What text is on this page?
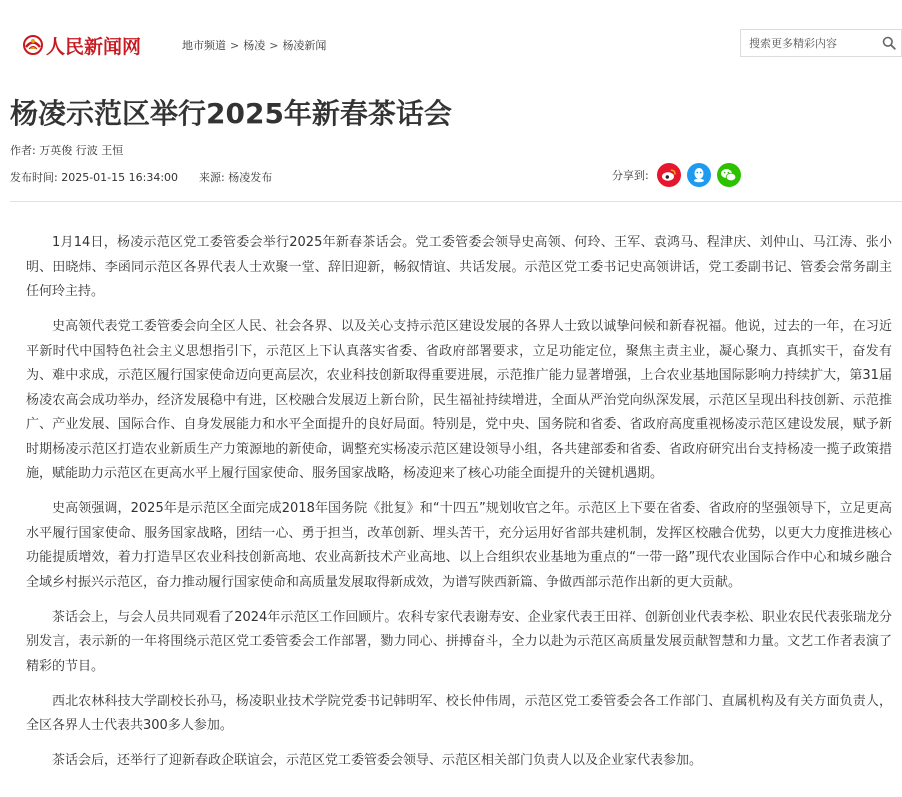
人民新闻网	地市频道 > 杨凌 > 杨凌新闻
搜索更多精彩内容
杨凌示范区举行2025年新春茶话会
作者: 万英俊 行波 王恒
发布时间: 2025-01-15 16:34:00 来源: 杨凌发布	分享到:

1月14日，杨凌示范区党工委管委会举行2025年新春茶话会。党工委管委会领导史高领、何玲、王军、袁鸿马、程津庆、刘仲山、马江涛、张小明、田晓炜、李函同示范区各界代表人士欢聚一堂、辞旧迎新，畅叙情谊、共话发展。示范区党工委书记史高领讲话，党工委副书记、管委会常务副主任何玲主持。

史高领代表党工委管委会向全区人民、社会各界、以及关心支持示范区建设发展的各界人士致以诚挚问候和新春祝福。他说，过去的一年，在习近平新时代中国特色社会主义思想指引下，示范区上下认真落实省委、省政府部署要求，立足功能定位，聚焦主责主业，凝心聚力、真抓实干，奋发有为、难中求成，示范区履行国家使命迈向更高层次，农业科技创新取得重要进展，示范推广能力显著增强，上合农业基地国际影响力持续扩大，第31届杨凌农高会成功举办，经济发展稳中有进，区校融合发展迈上新台阶，民生福祉持续增进，全面从严治党向纵深发展，示范区呈现出科技创新、示范推广、产业发展、国际合作、自身发展能力和水平全面提升的良好局面。特别是，党中央、国务院和省委、省政府高度重视杨凌示范区建设发展，赋予新时期杨凌示范区打造农业新质生产力策源地的新使命，调整充实杨凌示范区建设领导小组，各共建部委和省委、省政府研究出台支持杨凌一揽子政策措施，赋能助力示范区在更高水平上履行国家使命、服务国家战略，杨凌迎来了核心功能全面提升的关键机遇期。

史高领强调，2025年是示范区全面完成2018年国务院《批复》和“十四五”规划收官之年。示范区上下要在省委、省政府的坚强领导下，立足更高水平履行国家使命、服务国家战略，团结一心、勇于担当，改革创新、埋头苦干，充分运用好省部共建机制，发挥区校融合优势，以更大力度推进核心功能提质增效，着力打造旱区农业科技创新高地、农业高新技术产业高地、以上合组织农业基地为重点的“一带一路”现代农业国际合作中心和城乡融合全域乡村振兴示范区，奋力推动履行国家使命和高质量发展取得新成效，为谱写陕西新篇、争做西部示范作出新的更大贡献。

茶话会上，与会人员共同观看了2024年示范区工作回顾片。农科专家代表谢寿安、企业家代表王田祥、创新创业代表李松、职业农民代表张瑞龙分别发言，表示新的一年将围绕示范区党工委管委会工作部署，勠力同心、拼搏奋斗，全力以赴为示范区高质量发展贡献智慧和力量。文艺工作者表演了精彩的节目。

西北农林科技大学副校长孙马，杨凌职业技术学院党委书记韩明军、校长仲伟周，示范区党工委管委会各工作部门、直属机构及有关方面负责人，全区各界人士代表共300多人参加。

茶话会后，还举行了迎新春政企联谊会，示范区党工委管委会领导、示范区相关部门负责人以及企业家代表参加。
